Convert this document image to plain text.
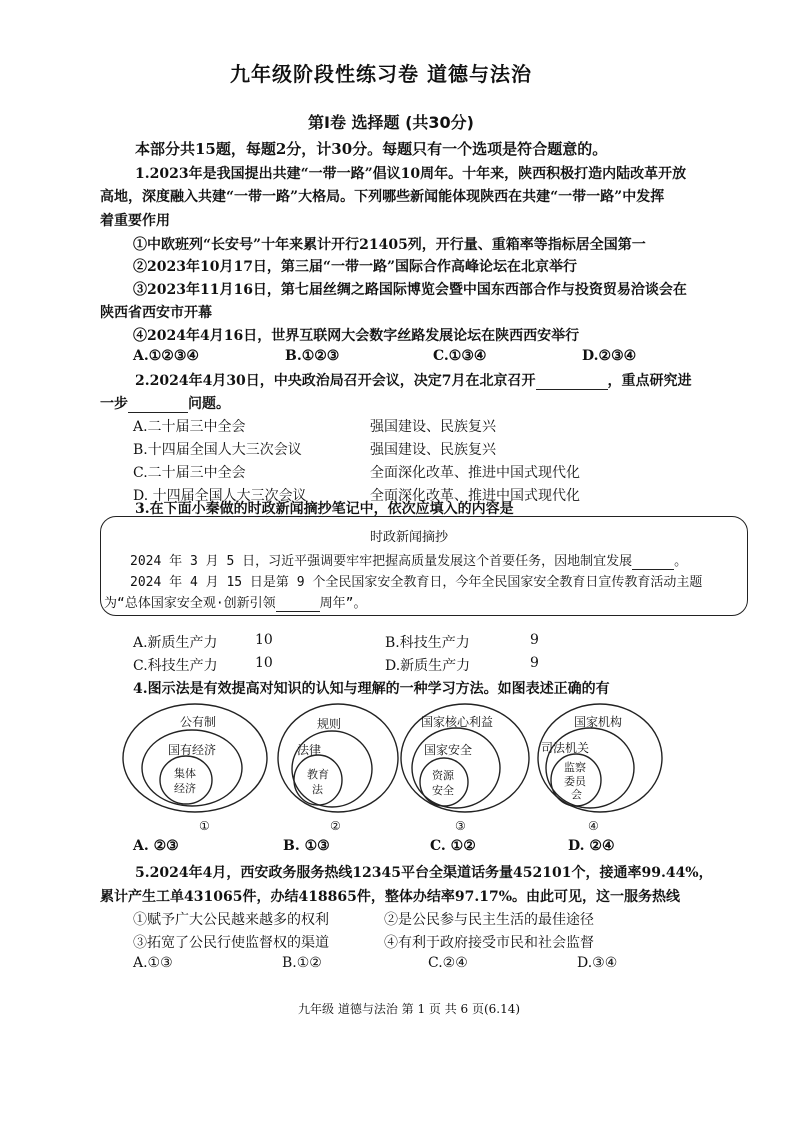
九年级阶段性练习卷 道德与法治
第Ⅰ卷 选择题 (共30分)
本部分共15题，每题2分，计30分。每题只有一个选项是符合题意的。
1.2023年是我国提出共建“一带一路”倡议10周年。十年来，陕西积极打造内陆改革开放
高地，深度融入共建“一带一路”大格局。下列哪些新闻能体现陕西在共建“一带一路”中发挥
着重要作用
①中欧班列“长安号”十年来累计开行21405列，开行量、重箱率等指标居全国第一
②2023年10月17日，第三届“一带一路”国际合作高峰论坛在北京举行
③2023年11月16日，第七届丝绸之路国际博览会暨中国东西部合作与投资贸易洽谈会在
陕西省西安市开幕
④2024年4月16日，世界互联网大会数字丝路发展论坛在陕西西安举行
A.①②③④	B.①②③	C.①③④	D.②③④
2.2024年4月30日，中央政治局召开会议，决定7月在北京召开	，重点研究进
一步	问题。
A.二十届三中全会	强国建设、民族复兴
B.十四届全国人大三次会议	强国建设、民族复兴
C.二十届三中全会	全面深化改革、推进中国式现代化
D. 十四届全国人大三次会议	全面深化改革、推进中国式现代化
3.在下面小秦做的时政新闻摘抄笔记中，依次应填入的内容是
时政新闻摘抄
2024 年 3 月 5 日，习近平强调要牢牢把握高质量发展这个首要任务，因地制宜发展	。
2024 年 4 月 15 日是第 9 个全民国家安全教育日，今年全民国家安全教育日宣传教育活动主题
为“总体国家安全观·创新引领	周年”。
A.新质生产力	10	B.科技生产力	9
C.科技生产力	10	D.新质生产力	9
4.图示法是有效提高对知识的认知与理解的一种学习方法。如图表述正确的有
公有制
国有经济
集体
经济
①
规则
法律
教育
法
②
国家核心利益
国家安全
资源
安全
③
国家机构
司法机关
监察
委员
会
④
A. ②③	B. ①③	C. ①②	D. ②④
5.2024年4月，西安政务服务热线12345平台全渠道话务量452101个，接通率99.44%，
累计产生工单431065件，办结418865件，整体办结率97.17%。由此可见，这一服务热线
①赋予广大公民越来越多的权利	②是公民参与民主生活的最佳途径
③拓宽了公民行使监督权的渠道	④有利于政府接受市民和社会监督
A.①③	B.①②	C.②④	D.③④
九年级 道德与法治 第 1 页 共 6 页(6.14)
